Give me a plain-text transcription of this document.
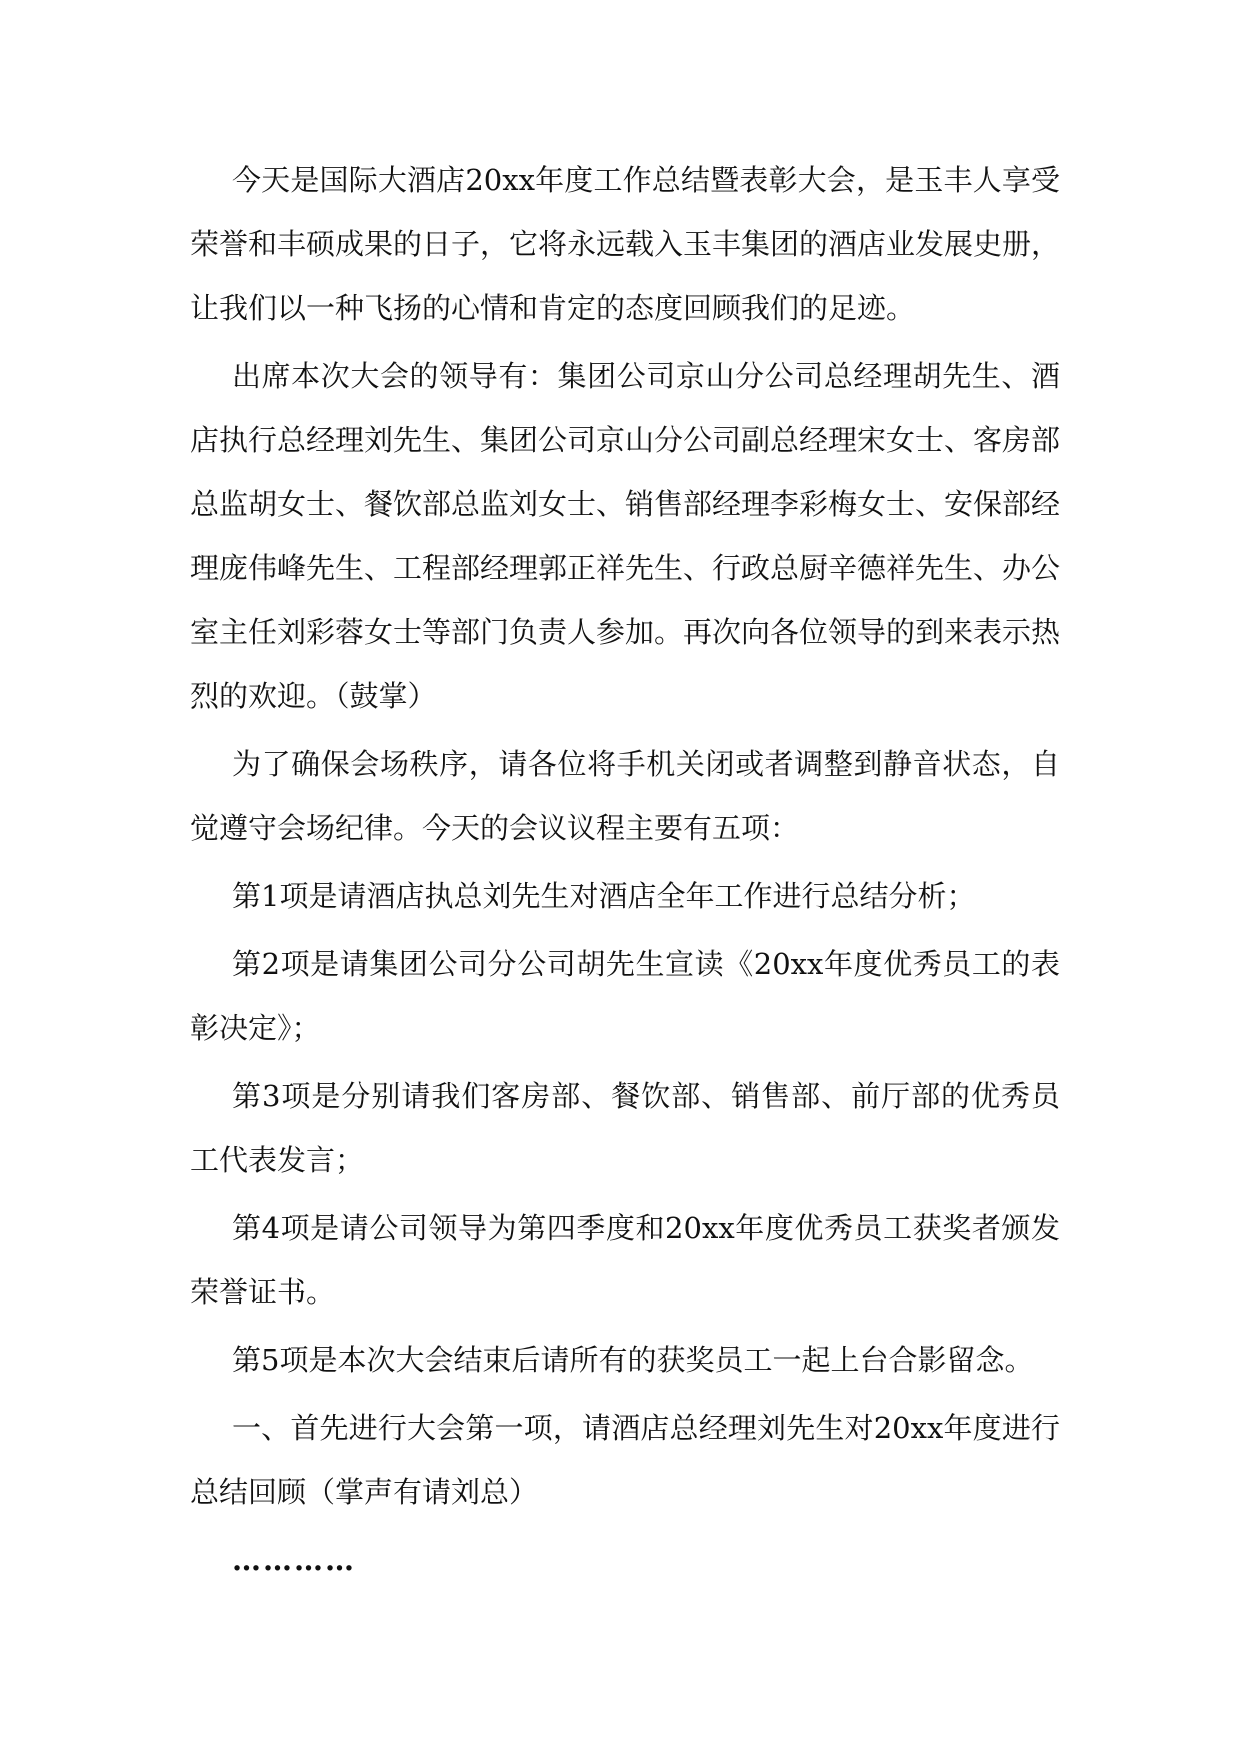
今天是国际大酒店20xx年度工作总结暨表彰大会，是玉丰人享受荣誉和丰硕成果的日子，它将永远载入玉丰集团的酒店业发展史册，让我们以一种飞扬的心情和肯定的态度回顾我们的足迹。

出席本次大会的领导有：集团公司京山分公司总经理胡先生、酒店执行总经理刘先生、集团公司京山分公司副总经理宋女士、客房部总监胡女士、餐饮部总监刘女士、销售部经理李彩梅女士、安保部经理庞伟峰先生、工程部经理郭正祥先生、行政总厨辛德祥先生、办公室主任刘彩蓉女士等部门负责人参加。再次向各位领导的到来表示热烈的欢迎。（鼓掌）

为了确保会场秩序，请各位将手机关闭或者调整到静音状态，自觉遵守会场纪律。今天的会议议程主要有五项：

第1项是请酒店执总刘先生对酒店全年工作进行总结分析；

第2项是请集团公司分公司胡先生宣读《20xx年度优秀员工的表彰决定》；

第3项是分别请我们客房部、餐饮部、销售部、前厅部的优秀员工代表发言；

第4项是请公司领导为第四季度和20xx年度优秀员工获奖者颁发荣誉证书。

第5项是本次大会结束后请所有的获奖员工一起上台合影留念。

一、首先进行大会第一项，请酒店总经理刘先生对20xx年度进行总结回顾（掌声有请刘总）

…………
